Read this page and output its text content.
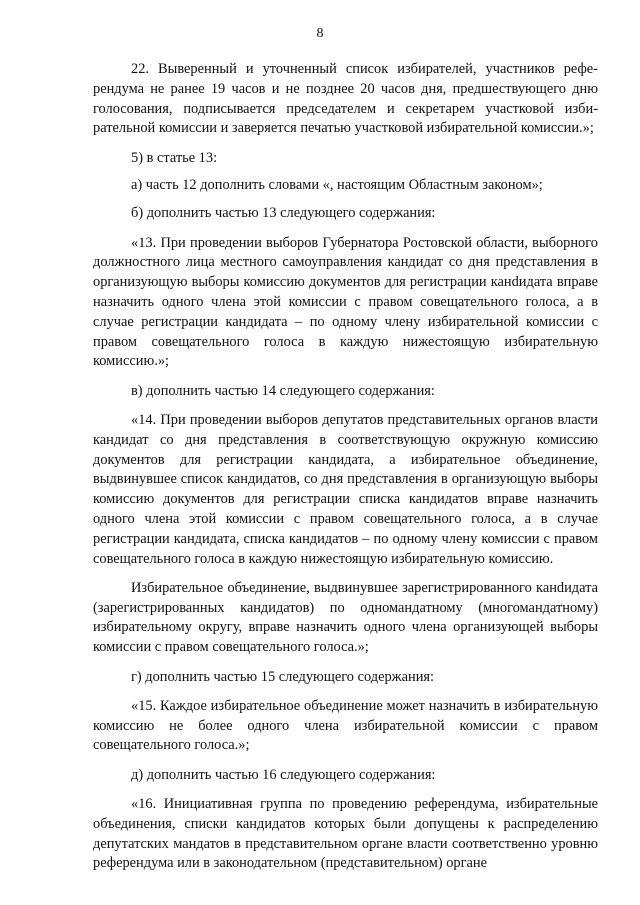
8

22. Выверенный и уточненный список избирателей, участников референдума не ранее 19 часов и не позднее 20 часов дня, предшествующего дню голосования, подписывается председателем и секретарем участковой избирательной комиссии и заверяется печатью участковой избирательной комиссии.»;

5) в статье 13:

а) часть 12 дополнить словами «, настоящим Областным законом»;

б) дополнить частью 13 следующего содержания:

«13. При проведении выборов Губернатора Ростовской области, выборного должностного лица местного самоуправления кандидат со дня представления в организующую выборы комиссию документов для регистрации канdидата вправе назначить одного члена этой комиссии с правом совещательного голоса, а в случае регистрации кандидата – по одному члену избирательной комиссии с правом совещательного голоса в каждую нижестоящую избирательную комиссию.»;

в) дополнить частью 14 следующего содержания:

«14. При проведении выборов депутатов представительных органов власти кандидат со дня представления в соответствующую окружную комиссию документов для регистрации кандидата, а избирательное объединение, выдвинувшее список кандидатов, со дня представления в организующую выборы комиссию документов для регистрации списка кандидатов вправе назначить одного члена этой комиссии с правом совещательного голоса, а в случае регистрации кандидата, списка кандидатов – по одному члену комиссии с правом совещательного голоса в каждую нижестоящую избирательную комиссию.

Избирательное объединение, выдвинувшее зарегистрированного канdидата (зарегистрированных кандидатов) по одномандатному (многомандатному) избирательному округу, вправе назначить одного члена организующей выборы комиссии с правом совещательного голоса.»;

г) дополнить частью 15 следующего содержания:

«15. Каждое избирательное объединение может назначить в избирательную комиссию не более одного члена избирательной комиссии с правом совещательного голоса.»;

д) дополнить частью 16 следующего содержания:

«16. Инициативная группа по проведению референдума, избирательные объединения, списки кандидатов которых были допущены к распределению депутатских мандатов в представительном органе власти соответственно уровню референдума или в законодательном (представительном) органе
